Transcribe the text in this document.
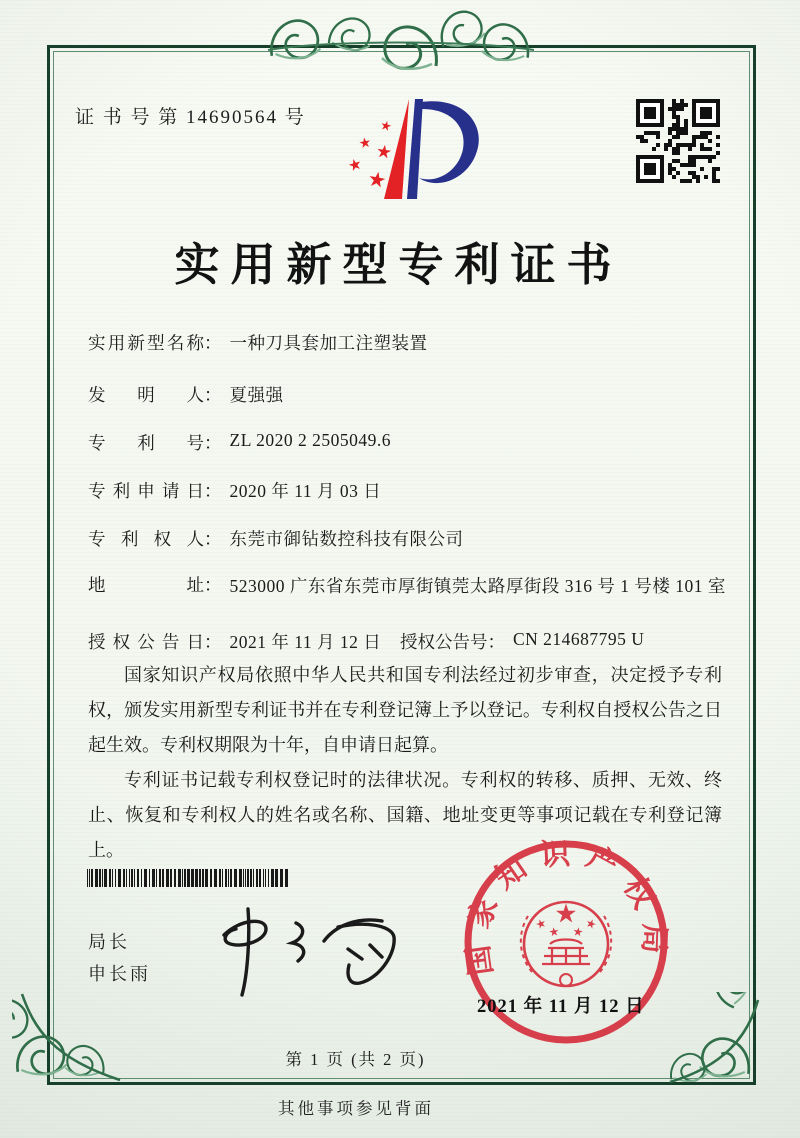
证 书 号 第 14690564 号
实用新型专利证书
实用新型名称： 一种刀具套加工注塑装置
发明人： 夏强强
专利号： ZL 2020 2 2505049.6
专利申请日： 2020 年 11 月 03 日
专利权人： 东莞市御钻数控科技有限公司
地址： 523000 广东省东莞市厚街镇莞太路厚街段 316 号 1 号楼 101 室
授权公告日： 2021 年 11 月 12 日 授权公告号： CN 214687795 U

国家知识产权局依照中华人民共和国专利法经过初步审查，决定授予专利权，颁发实用新型专利证书并在专利登记簿上予以登记。专利权自授权公告之日起生效。专利权期限为十年，自申请日起算。

专利证书记载专利权登记时的法律状况。专利权的转移、质押、无效、终止、恢复和专利权人的姓名或名称、国籍、地址变更等事项记载在专利登记簿上。

局长
申长雨	国家知识产权局
2021 年 11 月 12 日
第 1 页 (共 2 页)
其他事项参见背面
